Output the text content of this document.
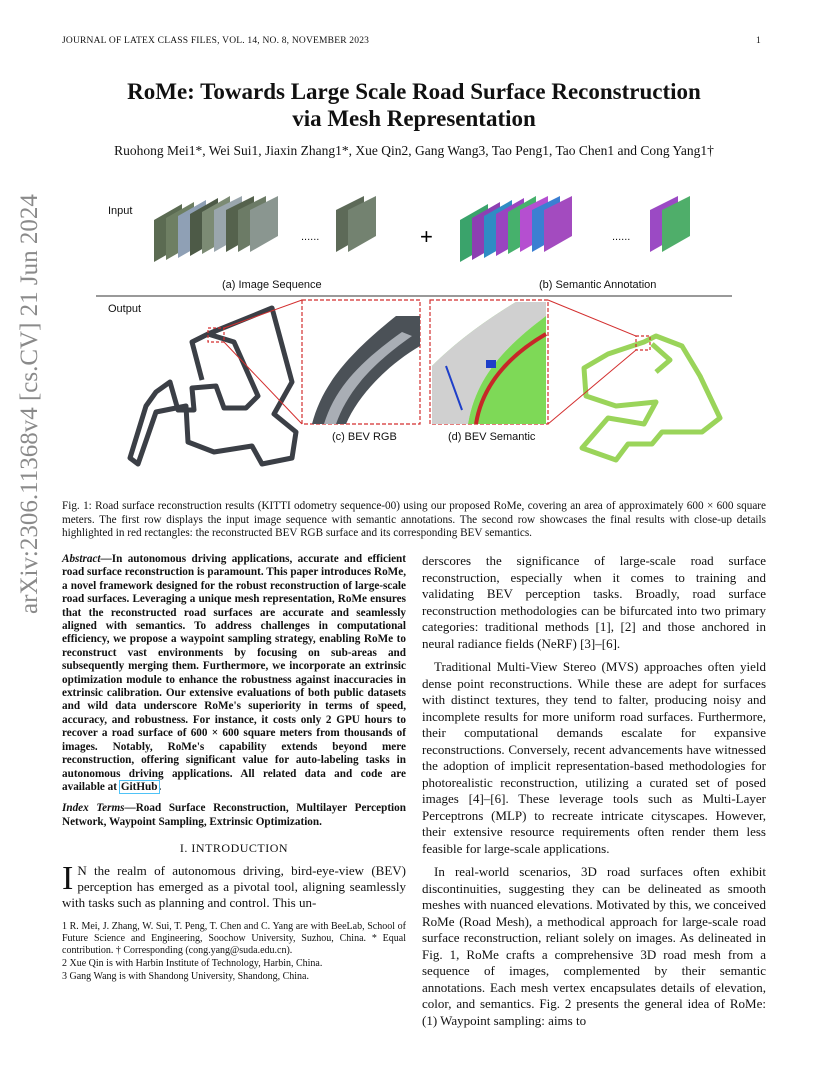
JOURNAL OF LATEX CLASS FILES, VOL. 14, NO. 8, NOVEMBER 2023	1
arXiv:2306.11368v4 [cs.CV] 21 Jun 2024
RoMe: Towards Large Scale Road Surface Reconstruction
via Mesh Representation
Ruohong Mei1*, Wei Sui1, Jiaxin Zhang1*, Xue Qin2, Gang Wang3, Tao Peng1, Tao Chen1 and Cong Yang1†
Input
......	+	......
(a) Image Sequence	(b) Semantic Annotation
Output
(c) BEV RGB	(d) BEV Semantic
Fig. 1: Road surface reconstruction results (KITTI odometry sequence-00) using our proposed RoMe, covering an area of approximately 600 × 600 square meters. The first row displays the input image sequence with semantic annotations. The second row showcases the final results with close-up details highlighted in red rectangles: the reconstructed BEV RGB surface and its corresponding BEV semantics.

Abstract—In autonomous driving applications, accurate and efficient road surface reconstruction is paramount. This paper introduces RoMe, a novel framework designed for the robust reconstruction of large-scale road surfaces. Leveraging a unique mesh representation, RoMe ensures that the reconstructed road surfaces are accurate and seamlessly aligned with semantics. To address challenges in computational efficiency, we propose a waypoint sampling strategy, enabling RoMe to reconstruct vast environments by focusing on sub-areas and subsequently merging them. Furthermore, we incorporate an extrinsic optimization module to enhance the robustness against inaccuracies in extrinsic calibration. Our extensive evaluations of both public datasets and wild data underscore RoMe's superiority in terms of speed, accuracy, and robustness. For instance, it costs only 2 GPU hours to recover a road surface of 600 × 600 square meters from thousands of images. Notably, RoMe's capability extends beyond mere reconstruction, offering significant value for auto-labeling tasks in autonomous driving applications. All related data and code are available at GitHub.

Index Terms—Road Surface Reconstruction, Multilayer Perception Network, Waypoint Sampling, Extrinsic Optimization.

I. INTRODUCTION

I N the realm of autonomous driving, bird-eye-view (BEV) perception has emerged as a pivotal tool, aligning seamlessly with tasks such as planning and control. This un-

1 R. Mei, J. Zhang, W. Sui, T. Peng, T. Chen and C. Yang are with BeeLab, School of Future Science and Engineering, Soochow University, Suzhou, China. * Equal contribution. † Corresponding (cong.yang@suda.edu.cn).
2 Xue Qin is with Harbin Institute of Technology, Harbin, China.
3 Gang Wang is with Shandong University, Shandong, China.

derscores the significance of large-scale road surface reconstruction, especially when it comes to training and validating BEV perception tasks. Broadly, road surface reconstruction methodologies can be bifurcated into two primary categories: traditional methods [1], [2] and those anchored in neural radiance fields (NeRF) [3]–[6].

Traditional Multi-View Stereo (MVS) approaches often yield dense point reconstructions. While these are adept for surfaces with distinct textures, they tend to falter, producing noisy and incomplete results for more uniform road surfaces. Furthermore, their computational demands escalate for expansive reconstructions. Conversely, recent advancements have witnessed the adoption of implicit representation-based methodologies for photorealistic reconstruction, utilizing a curated set of posed images [4]–[6]. These leverage tools such as Multi-Layer Perceptrons (MLP) to recreate intricate cityscapes. However, their extensive resource requirements often render them less feasible for large-scale applications.

In real-world scenarios, 3D road surfaces often exhibit discontinuities, suggesting they can be delineated as smooth meshes with nuanced elevations. Motivated by this, we conceived RoMe (Road Mesh), a methodical approach for large-scale road surface reconstruction, reliant solely on images. As delineated in Fig. 1, RoMe crafts a comprehensive 3D road mesh from a sequence of images, complemented by their semantic annotations. Each mesh vertex encapsulates details of elevation, color, and semantics. Fig. 2 presents the general idea of RoMe: (1) Waypoint sampling: aims to
